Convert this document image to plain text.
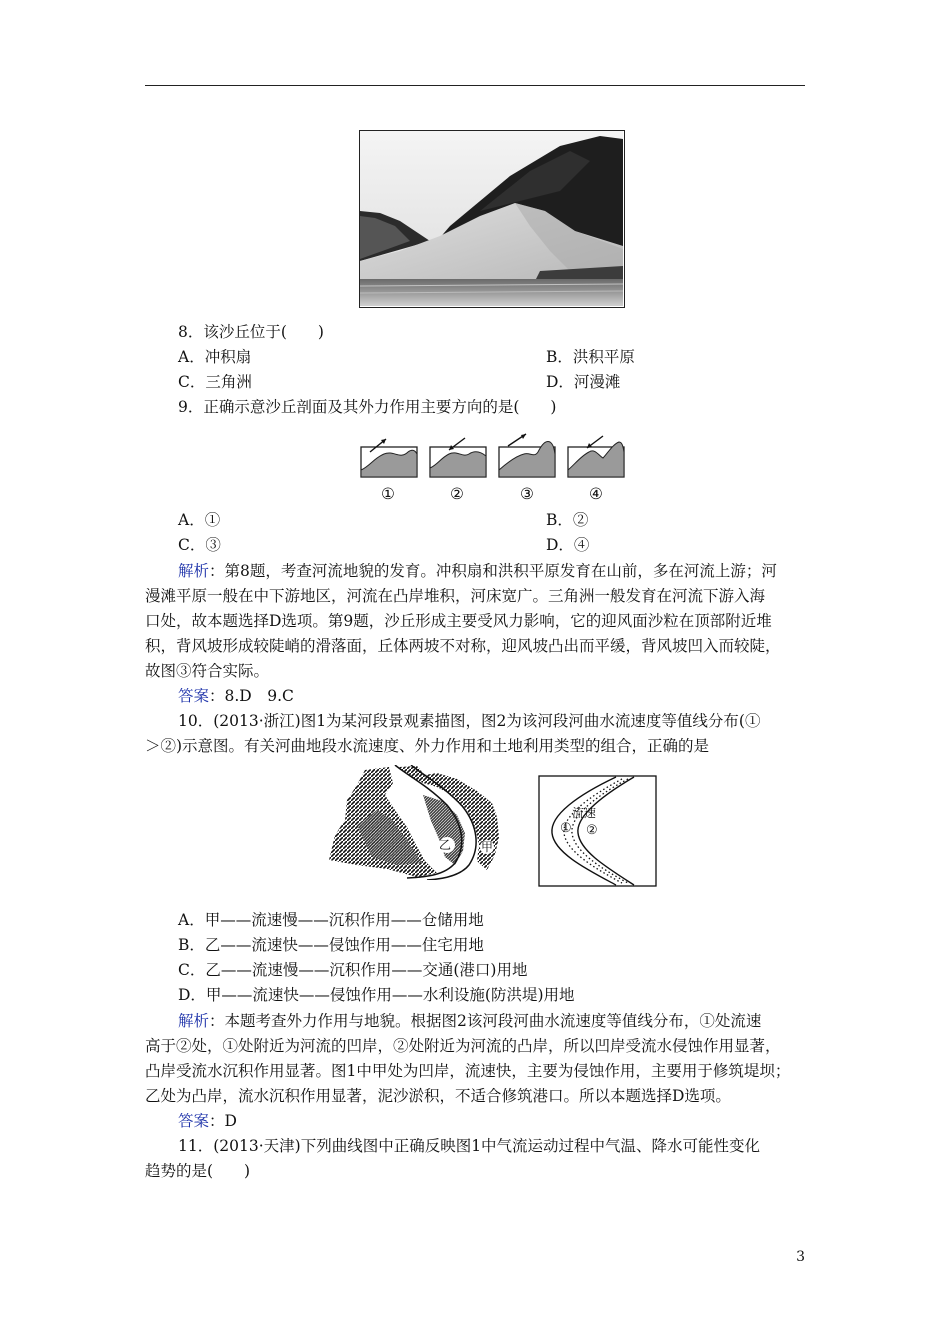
8．该沙丘位于(　　)
A．冲积扇	B．洪积平原
C．三角洲	D．河漫滩
9．正确示意沙丘剖面及其外力作用主要方向的是(　　)
①	②	③	④
A．①	B．②
C．③	D．④
解析：第8题，考查河流地貌的发育。冲积扇和洪积平原发育在山前，多在河流上游；河
漫滩平原一般在中下游地区，河流在凸岸堆积，河床宽广。三角洲一般发育在河流下游入海
口处，故本题选择D选项。第9题，沙丘形成主要受风力影响，它的迎风面沙粒在顶部附近堆
积，背风坡形成较陡峭的滑落面，丘体两坡不对称，迎风坡凸出而平缓，背风坡凹入而较陡，
故图③符合实际。
答案：8.D　9.C
10．(2013·浙江)图1为某河段景观素描图，图2为该河段河曲水流速度等值线分布(①
＞②)示意图。有关河曲地段水流速度、外力作用和土地利用类型的组合，正确的是
乙 甲
流速
① ②
A．甲——流速慢——沉积作用——仓储用地
B．乙——流速快——侵蚀作用——住宅用地
C．乙——流速慢——沉积作用——交通(港口)用地
D．甲——流速快——侵蚀作用——水利设施(防洪堤)用地
解析：本题考查外力作用与地貌。根据图2该河段河曲水流速度等值线分布，①处流速
高于②处，①处附近为河流的凹岸，②处附近为河流的凸岸，所以凹岸受流水侵蚀作用显著，
凸岸受流水沉积作用显著。图1中甲处为凹岸，流速快，主要为侵蚀作用，主要用于修筑堤坝；
乙处为凸岸，流水沉积作用显著，泥沙淤积，不适合修筑港口。所以本题选择D选项。
答案：D
11．(2013·天津)下列曲线图中正确反映图1中气流运动过程中气温、降水可能性变化
趋势的是(　　)
3
